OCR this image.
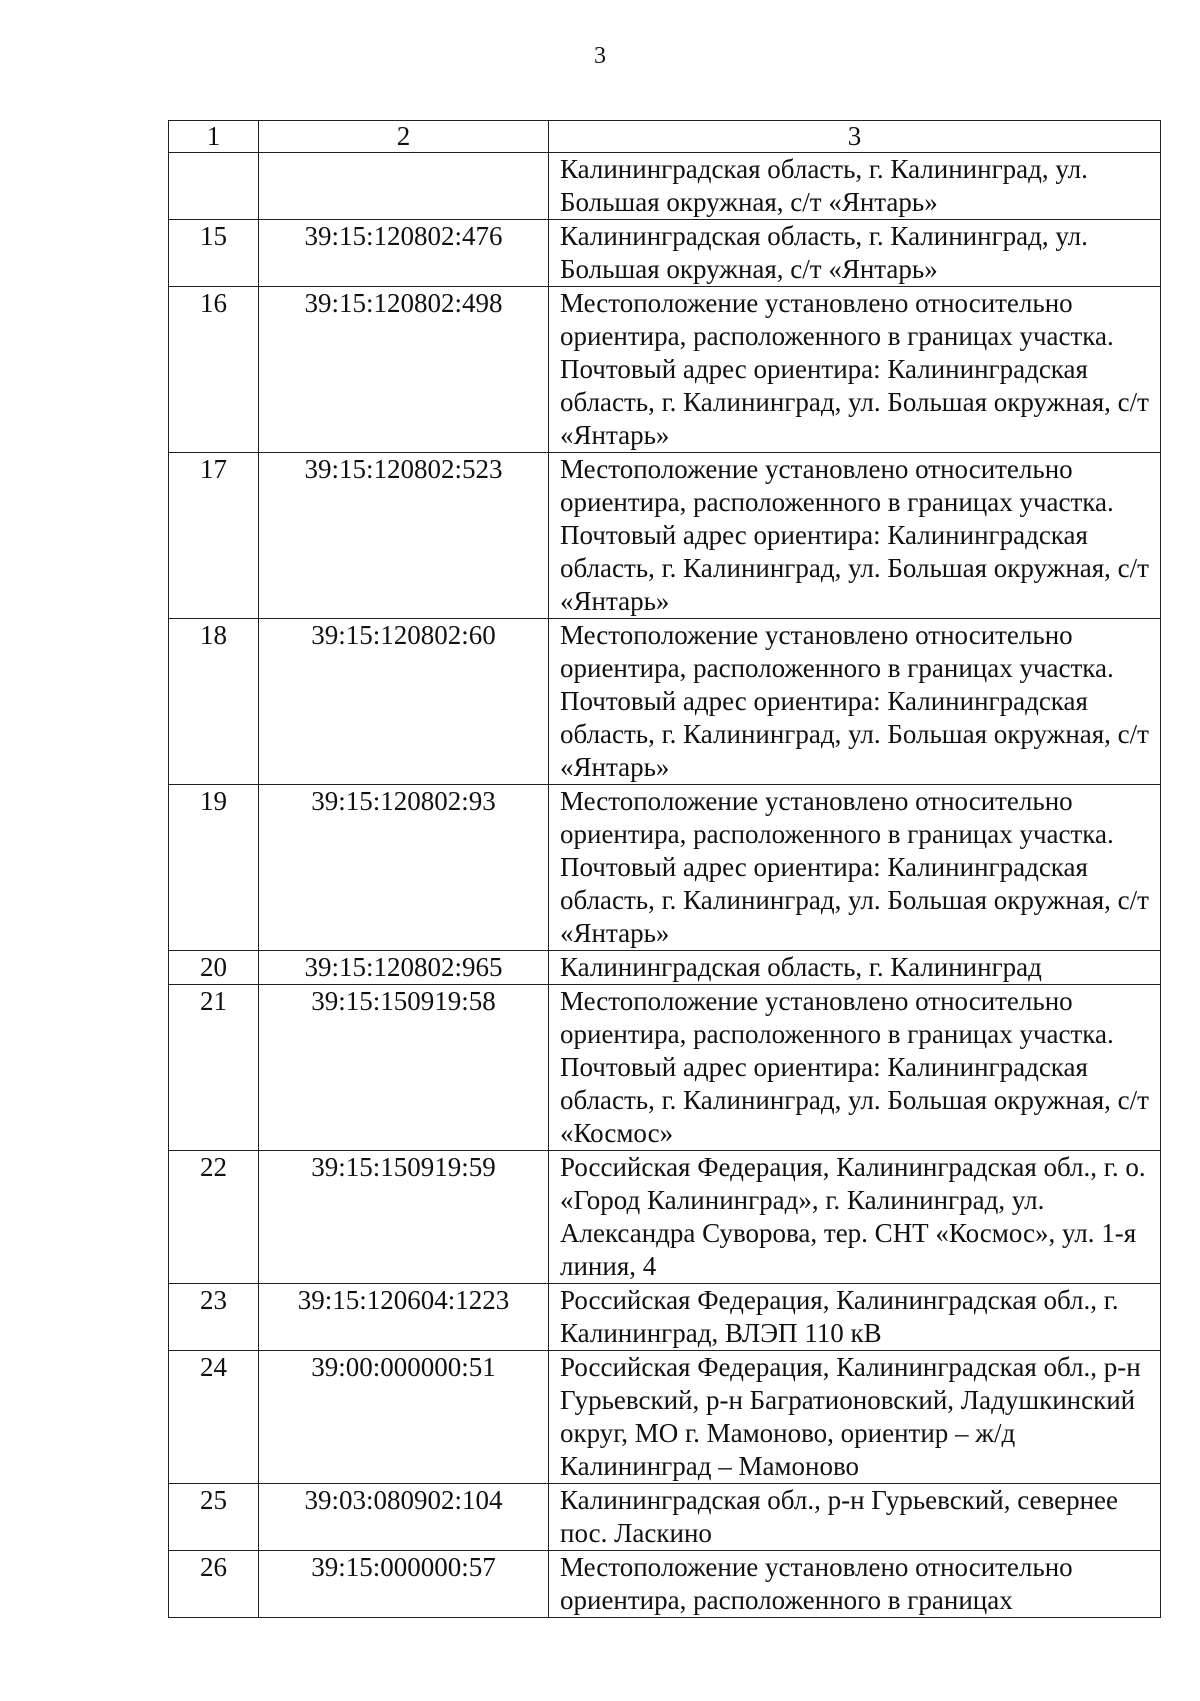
3
1	2	3
		Калининградская область, г. Калининград, ул. Большая окружная, с/т «Янтарь»
15	39:15:120802:476	Калининградская область, г. Калининград, ул. Большая окружная, с/т «Янтарь»
16	39:15:120802:498	Местоположение установлено относительно ориентира, расположенного в границах участка. Почтовый адрес ориентира: Калининградская область, г. Калининград, ул. Большая окружная, с/т «Янтарь»
17	39:15:120802:523	Местоположение установлено относительно ориентира, расположенного в границах участка. Почтовый адрес ориентира: Калининградская область, г. Калининград, ул. Большая окружная, с/т «Янтарь»
18	39:15:120802:60	Местоположение установлено относительно ориентира, расположенного в границах участка. Почтовый адрес ориентира: Калининградская область, г. Калининград, ул. Большая окружная, с/т «Янтарь»
19	39:15:120802:93	Местоположение установлено относительно ориентира, расположенного в границах участка. Почтовый адрес ориентира: Калининградская область, г. Калининград, ул. Большая окружная, с/т «Янтарь»
20	39:15:120802:965	Калининградская область, г. Калининград
21	39:15:150919:58	Местоположение установлено относительно ориентира, расположенного в границах участка. Почтовый адрес ориентира: Калининградская область, г. Калининград, ул. Большая окружная, с/т «Космос»
22	39:15:150919:59	Российская Федерация, Калининградская обл., г. о. «Город Калининград», г. Калининград, ул. Александра Суворова, тер. СНТ «Космос», ул. 1-я линия, 4
23	39:15:120604:1223	Российская Федерация, Калининградская обл., г. Калининград, ВЛЭП 110 кВ
24	39:00:000000:51	Российская Федерация, Калининградская обл., р-н Гурьевский, р-н Багратионовский, Ладушкинский округ, МО г. Мамоново, ориентир – ж/д Калининград – Мамоново
25	39:03:080902:104	Калининградская обл., р-н Гурьевский, севернее пос. Ласкино
26	39:15:000000:57	Местоположение установлено относительно ориентира, расположенного в границах
